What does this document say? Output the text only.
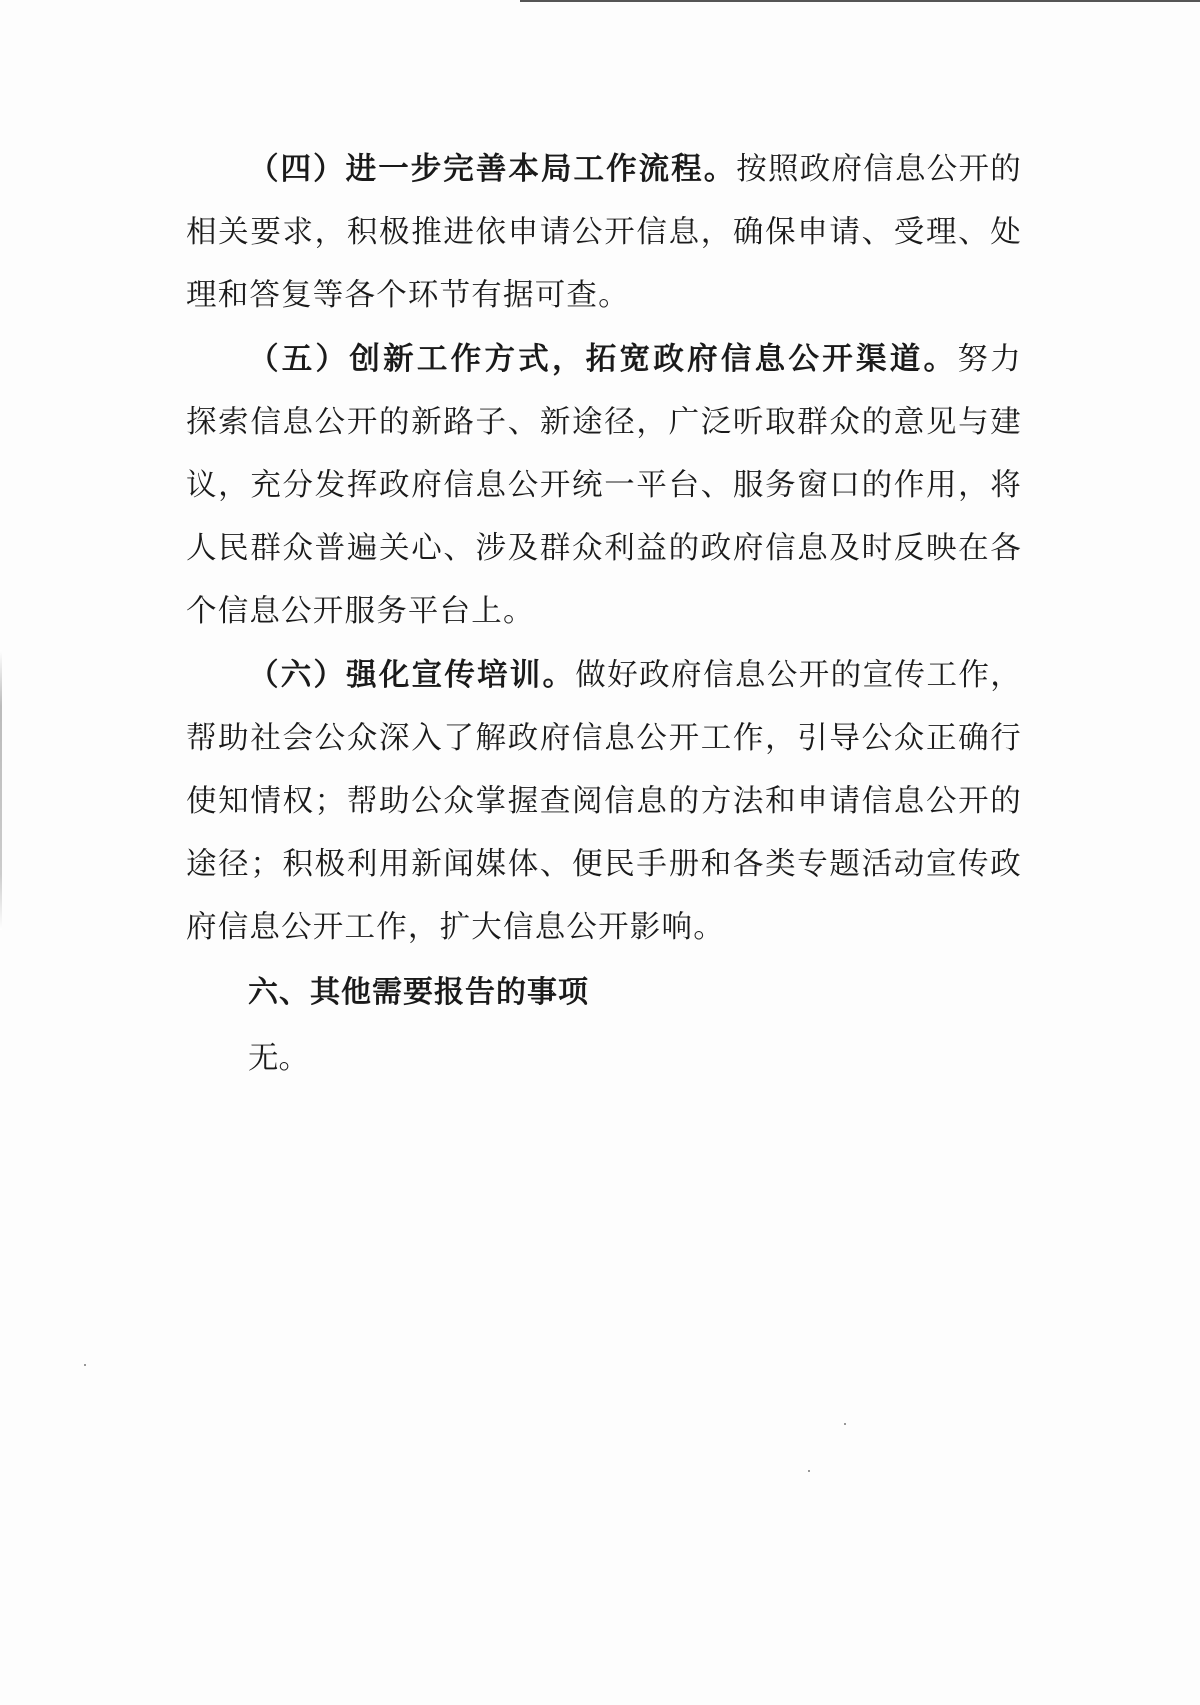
（四）进一步完善本局工作流程。按照政府信息公开的相关要求，积极推进依申请公开信息，确保申请、受理、处理和答复等各个环节有据可查。

（五）创新工作方式，拓宽政府信息公开渠道。努力探索信息公开的新路子、新途径，广泛听取群众的意见与建议，充分发挥政府信息公开统一平台、服务窗口的作用，将人民群众普遍关心、涉及群众利益的政府信息及时反映在各个信息公开服务平台上。

（六）强化宣传培训。做好政府信息公开的宣传工作，帮助社会公众深入了解政府信息公开工作，引导公众正确行使知情权；帮助公众掌握查阅信息的方法和申请信息公开的途径；积极利用新闻媒体、便民手册和各类专题活动宣传政府信息公开工作，扩大信息公开影响。

六、其他需要报告的事项

无。
